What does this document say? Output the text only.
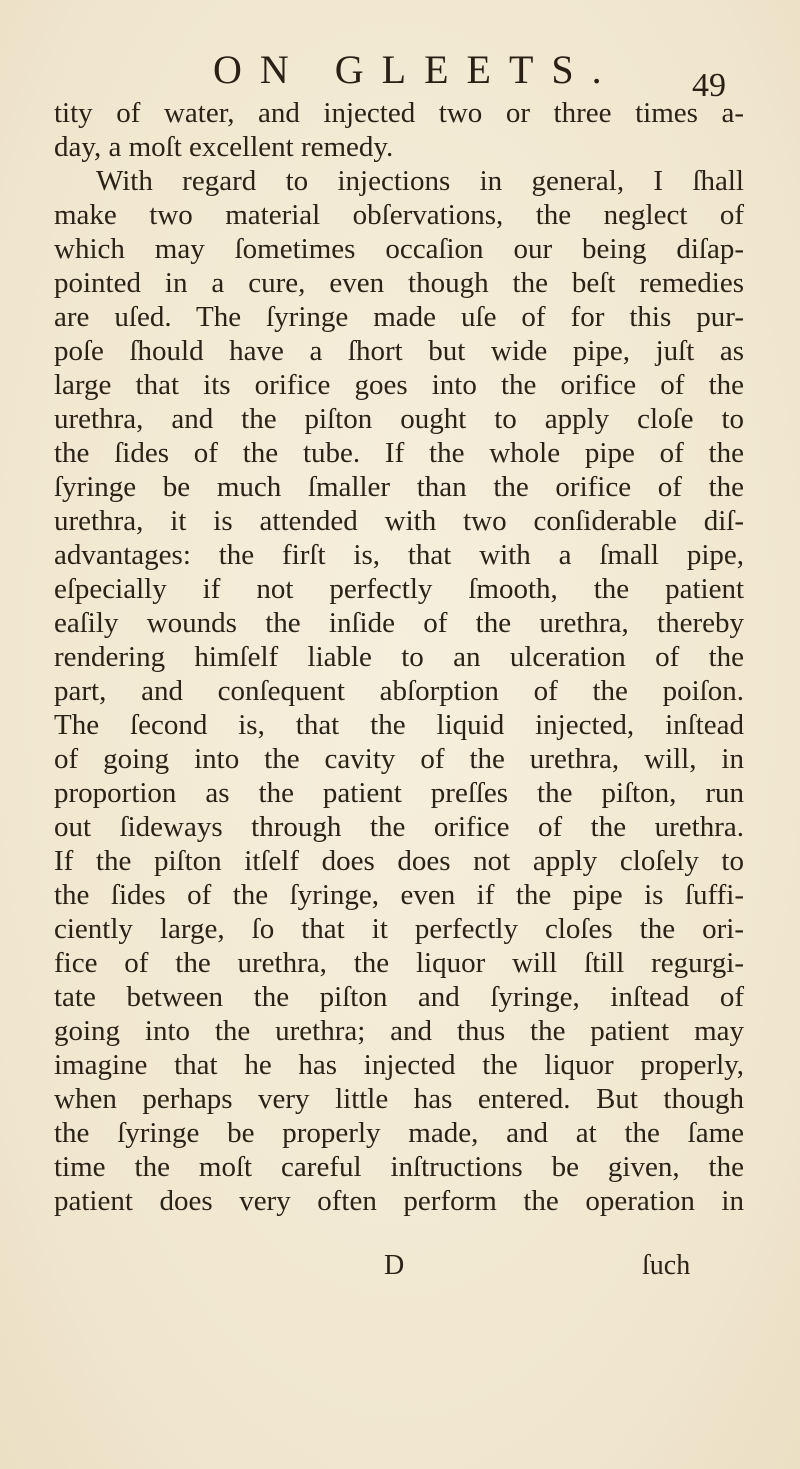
ON GLEETS. 49
tity of water, and injected two or three times a-
day, a moſt excellent remedy.
With regard to injections in general, I ſhall
make two material obſervations, the neglect of
which may ſometimes occaſion our being diſap-
pointed in a cure, even though the beſt remedies
are uſed. The ſyringe made uſe of for this pur-
poſe ſhould have a ſhort but wide pipe, juſt as
large that its orifice goes into the orifice of the
urethra, and the piſton ought to apply cloſe to
the ſides of the tube. If the whole pipe of the
ſyringe be much ſmaller than the orifice of the
urethra, it is attended with two conſiderable diſ-
advantages: the firſt is, that with a ſmall pipe,
eſpecially if not perfectly ſmooth, the patient
eaſily wounds the inſide of the urethra, thereby
rendering himſelf liable to an ulceration of the
part, and conſequent abſorption of the poiſon.
The ſecond is, that the liquid injected, inſtead
of going into the cavity of the urethra, will, in
proportion as the patient preſſes the piſton, run
out ſideways through the orifice of the urethra.
If the piſton itſelf does does not apply cloſely to
the ſides of the ſyringe, even if the pipe is ſuffi-
ciently large, ſo that it perfectly cloſes the ori-
fice of the urethra, the liquor will ſtill regurgi-
tate between the piſton and ſyringe, inſtead of
going into the urethra; and thus the patient may
imagine that he has injected the liquor properly,
when perhaps very little has entered. But though
the ſyringe be properly made, and at the ſame
time the moſt careful inſtructions be given, the
patient does very often perform the operation in
D	ſuch
